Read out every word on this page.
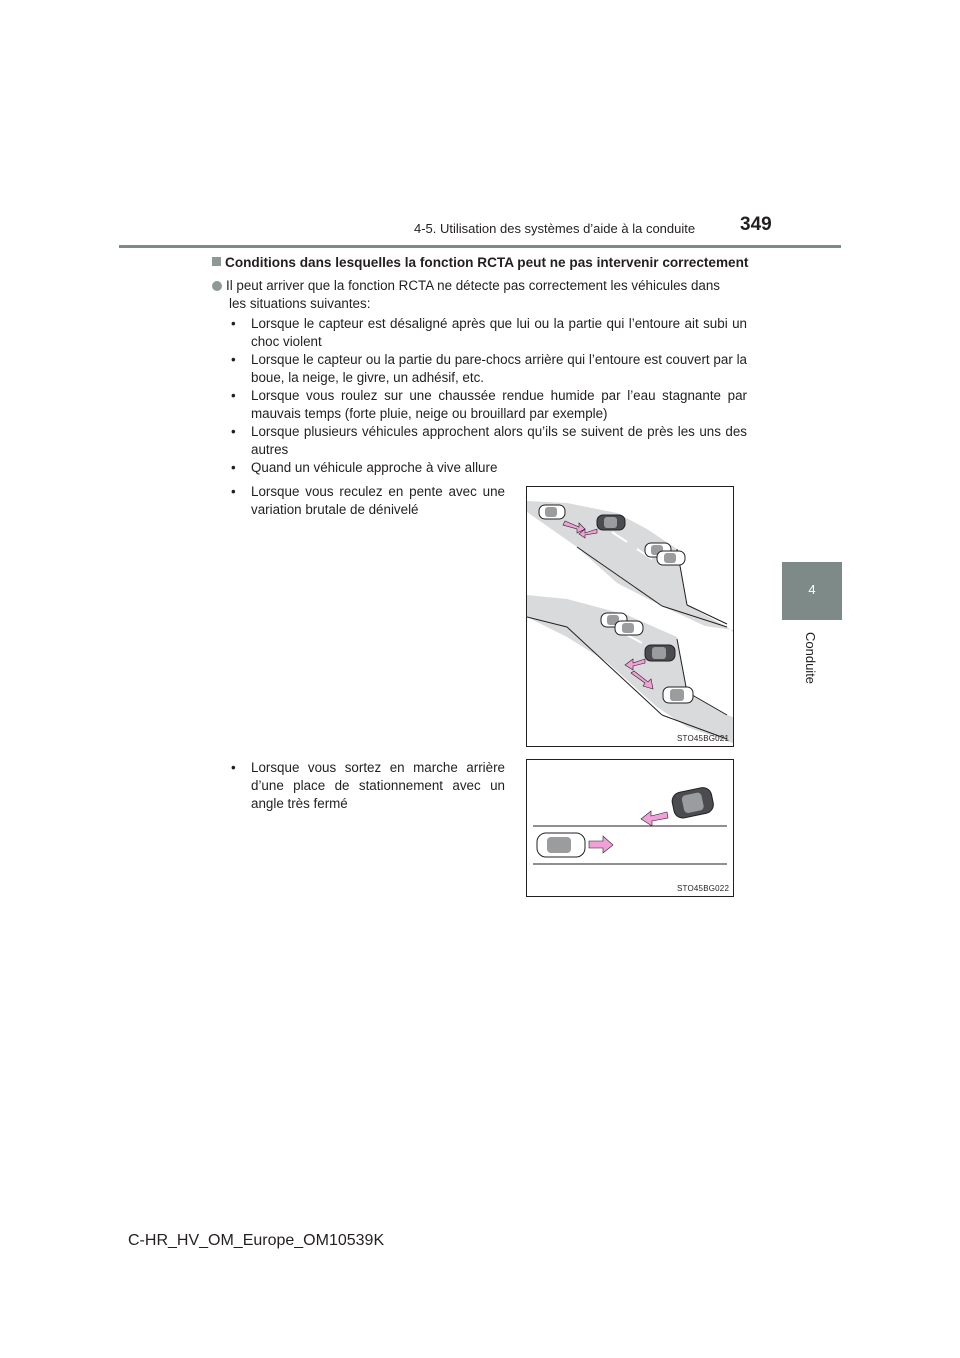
4-5. Utilisation des systèmes d’aide à la conduite 349
4
Conduite
Conditions dans lesquelles la fonction RCTA peut ne pas intervenir correctement
Il peut arriver que la fonction RCTA ne détecte pas correctement les véhicules dans
les situations suivantes:
• Lorsque le capteur est désaligné après que lui ou la partie qui l’entoure ait subi un choc violent
• Lorsque le capteur ou la partie du pare-chocs arrière qui l’entoure est couvert par la boue, la neige, le givre, un adhésif, etc.
• Lorsque vous roulez sur une chaussée rendue humide par l’eau stagnante par mauvais temps (forte pluie, neige ou brouillard par exemple)
• Lorsque plusieurs véhicules approchent alors qu’ils se suivent de près les uns des autres
• Quand un véhicule approche à vive allure
• Lorsque vous reculez en pente avec une variation brutale de dénivelé
STO45BG021
• Lorsque vous sortez en marche arrière d’une place de stationnement avec un angle très fermé
STO45BG022
C-HR_HV_OM_Europe_OM10539K
